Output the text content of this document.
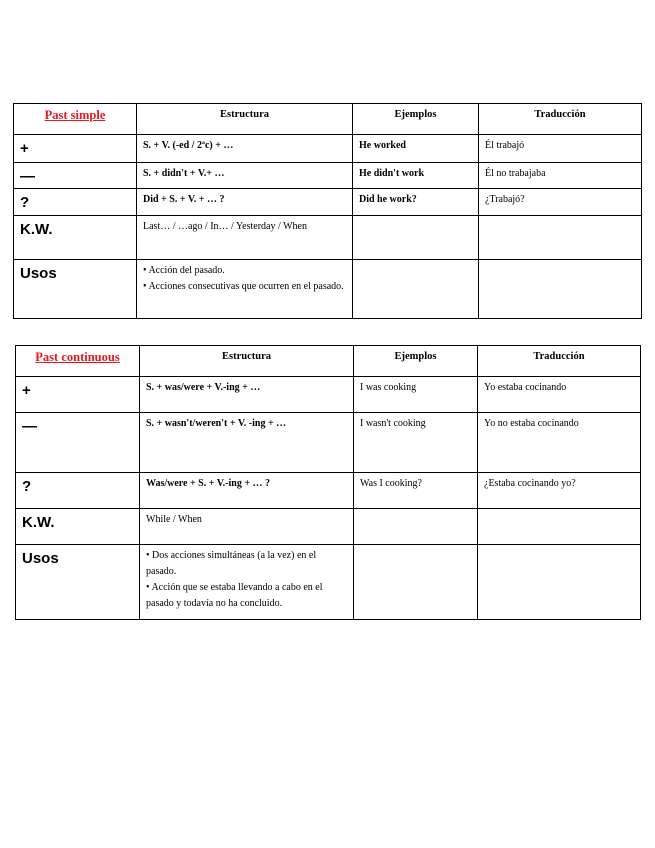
Past simple	Estructura	Ejemplos	Traducción
+	S. + V. (-ed / 2ªc) + …	He worked	Él trabajó
—	S. + didn't + V.+ …	He didn't work	Él no trabajaba
?	Did + S. + V. + … ?	Did he work?	¿Trabajó?
K.W.	Last… / …ago / In… / Yesterday / When		
Usos	• Acción del pasado.
• Acciones consecutivas que ocurren en el pasado.		

Past continuous	Estructura	Ejemplos	Traducción
+	S. + was/were + V.-ing + …	I was cooking	Yo estaba cocinando
—	S. + wasn't/weren't + V. -ing + …	I wasn't cooking	Yo no estaba cocinando
?	Was/were + S. + V.-ing + … ?	Was I cooking?	¿Estaba cocinando yo?
K.W.	While / When		
Usos	• Dos acciones simultáneas (a la vez) en el pasado.
• Acción que se estaba llevando a cabo en el pasado y todavía no ha concluido.		
